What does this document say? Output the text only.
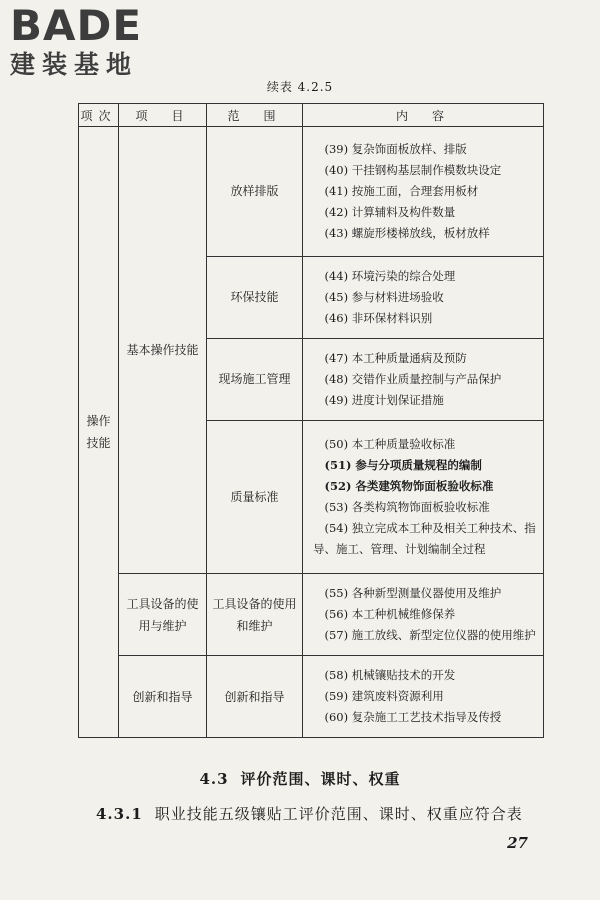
BADE
建装基地
续表 4.2.5
项次	项　目	范　围	内　容
操作技能	基本操作技能	放样排版	(39) 复杂饰面板放样、排版
(40) 干挂钢构基层制作模数块设定
(41) 按施工面，合理套用板材
(42) 计算辅料及构件数量
(43) 螺旋形楼梯放线，板材放样

		环保技能	(44) 环境污染的综合处理
(45) 参与材料进场验收
(46) 非环保材料识别

		现场施工管理	(47) 本工种质量通病及预防
(48) 交错作业质量控制与产品保护
(49) 进度计划保证措施

		质量标准	(50) 本工种质量验收标准
(51) 参与分项质量规程的编制
(52) 各类建筑物饰面板验收标准
(53) 各类构筑物饰面板验收标准
(54) 独立完成本工种及相关工种技术、指导、施工、管理、计划编制全过程

	工具设备的使用与维护	工具设备的使用和维护	(55) 各种新型测量仪器使用及维护
(56) 本工种机械维修保养
(57) 施工放线、新型定位仪器的使用维护

	创新和指导	创新和指导	(58) 机械镶贴技术的开发
(59) 建筑废料资源利用
(60) 复杂施工工艺技术指导及传授
4.3 评价范围、课时、权重
4.3.1 职业技能五级镶贴工评价范围、课时、权重应符合表
27
